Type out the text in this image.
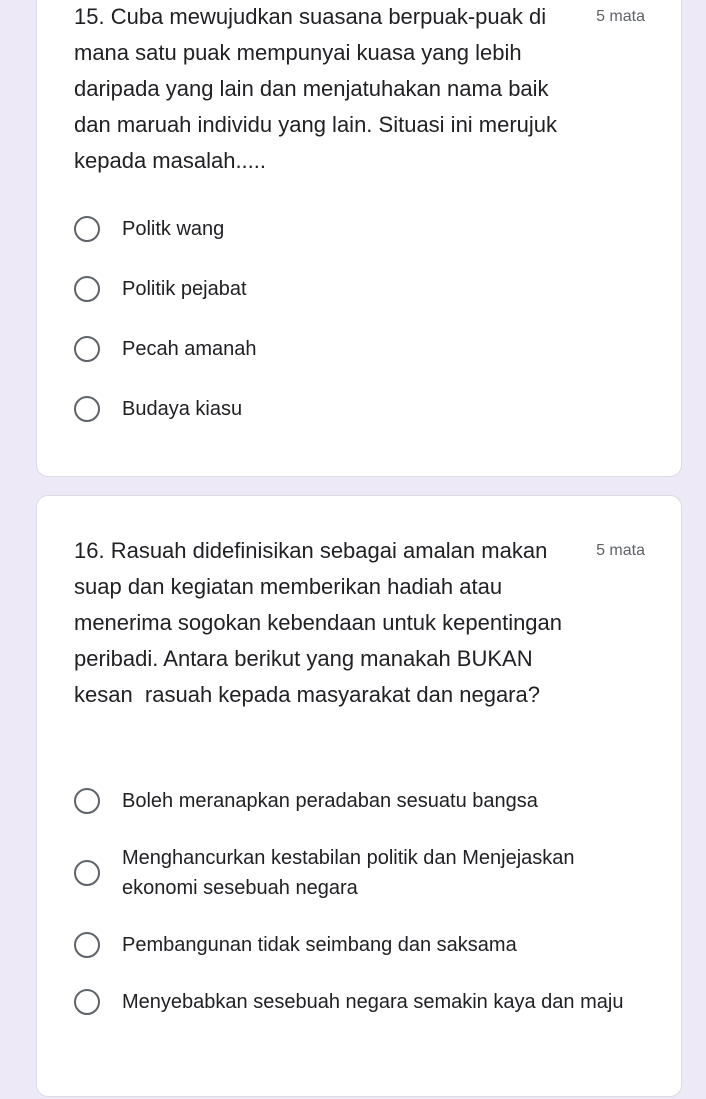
15. Cuba mewujudkan suasana berpuak-puak di mana satu puak mempunyai kuasa yang lebih daripada yang lain dan menjatuhakan nama baik dan maruah individu yang lain. Situasi ini merujuk kepada masalah.....
5 mata
Politk wang
Politik pejabat
Pecah amanah
Budaya kiasu
16. Rasuah didefinisikan sebagai amalan makan suap dan kegiatan memberikan hadiah atau menerima sogokan kebendaan untuk kepentingan peribadi. Antara berikut yang manakah BUKAN kesan  rasuah kepada masyarakat dan negara?
5 mata
Boleh meranapkan peradaban sesuatu bangsa
Menghancurkan kestabilan politik dan Menjejaskan ekonomi sesebuah negara
Pembangunan tidak seimbang dan saksama
Menyebabkan sesebuah negara semakin kaya dan maju
